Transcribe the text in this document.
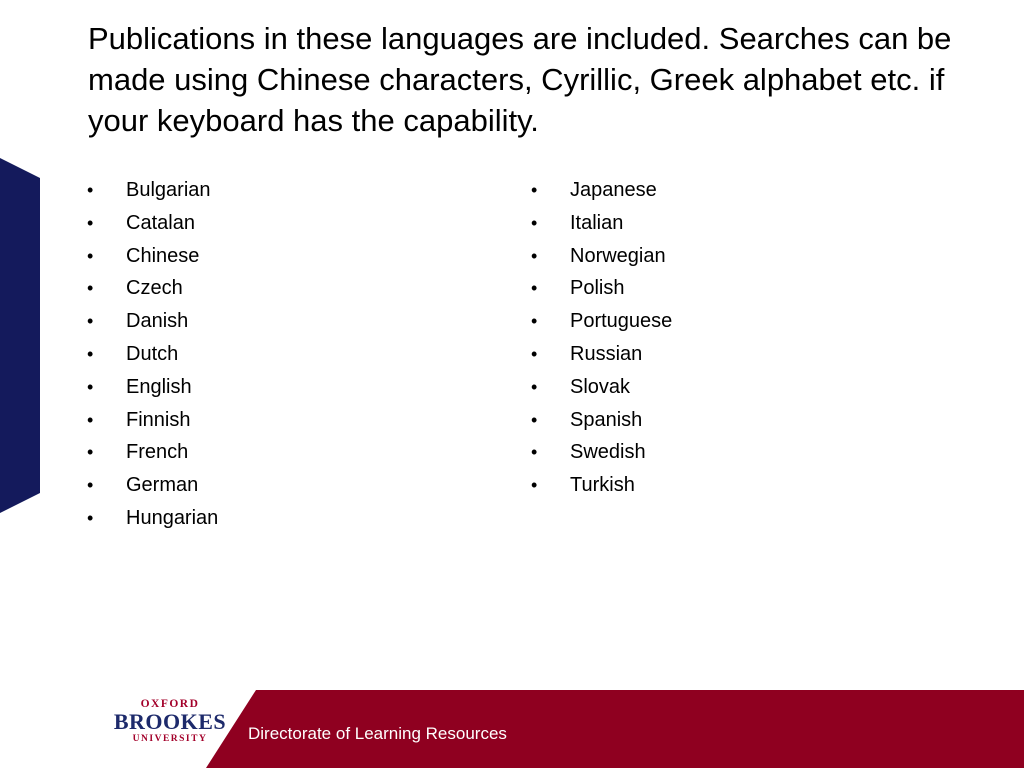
Publications in these languages are included. Searches can be made using Chinese characters, Cyrillic, Greek alphabet etc. if your keyboard has the capability.
• Bulgarian
• Catalan
• Chinese
• Czech
• Danish
• Dutch
• English
• Finnish
• French
• German
• Hungarian
• Japanese
• Italian
• Norwegian
• Polish
• Portuguese
• Russian
• Slovak
• Spanish
• Swedish
• Turkish
OXFORD
BROOKES
UNIVERSITY	Directorate of Learning Resources
